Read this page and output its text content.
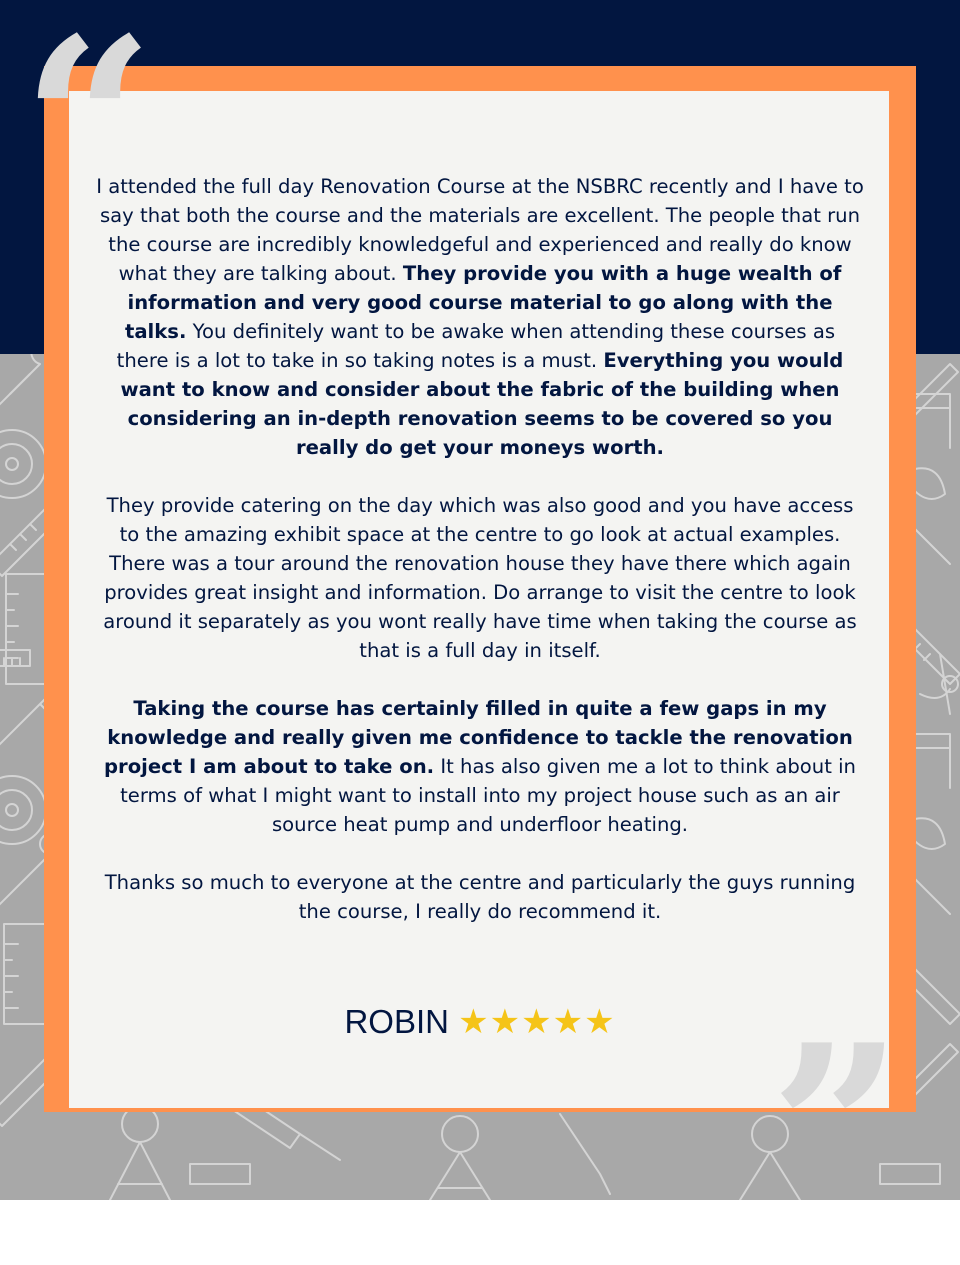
“

I attended the full day Renovation Course at the NSBRC recently and I have to say that both the course and the materials are excellent. The people that run the course are incredibly knowledgeful and experienced and really do know what they are talking about. They provide you with a huge wealth of information and very good course material to go along with the talks. You definitely want to be awake when attending these courses as there is a lot to take in so taking notes is a must. Everything you would want to know and consider about the fabric of the building when considering an in-depth renovation seems to be covered so you really do get your moneys worth.

They provide catering on the day which was also good and you have access to the amazing exhibit space at the centre to go look at actual examples. There was a tour around the renovation house they have there which again provides great insight and information. Do arrange to visit the centre to look around it separately as you wont really have time when taking the course as that is a full day in itself.

Taking the course has certainly filled in quite a few gaps in my knowledge and really given me confidence to tackle the renovation project I am about to take on. It has also given me a lot to think about in terms of what I might want to install into my project house such as an air source heat pump and underfloor heating.

Thanks so much to everyone at the centre and particularly the guys running the course, I really do recommend it.

ROBIN ★★★★★ ”
